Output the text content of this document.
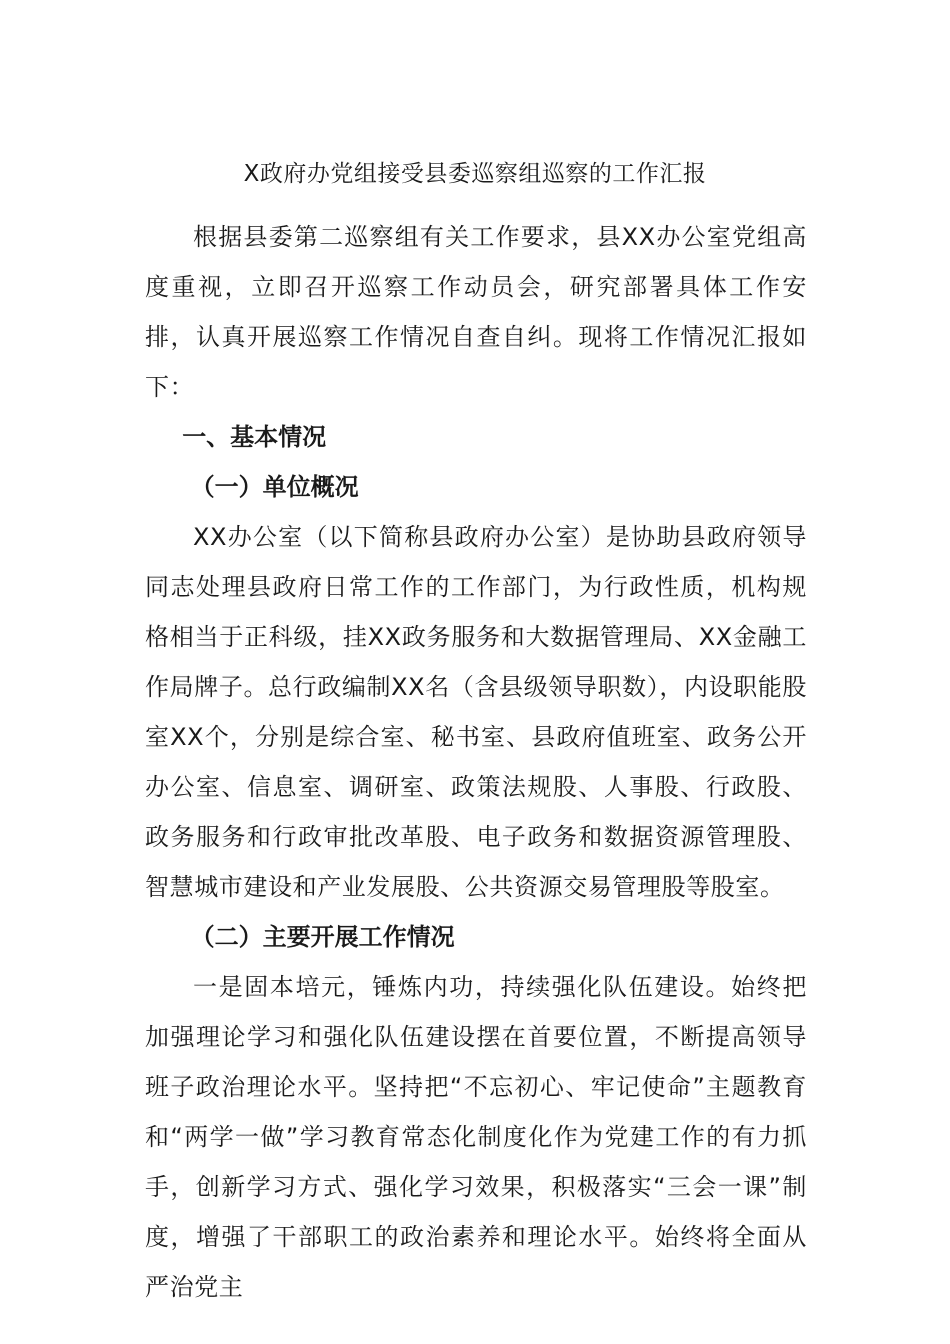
X政府办党组接受县委巡察组巡察的工作汇报

根据县委第二巡察组有关工作要求，县XX办公室党组高度重视，立即召开巡察工作动员会，研究部署具体工作安排，认真开展巡察工作情况自查自纠。现将工作情况汇报如下：

一、基本情况

（一）单位概况

XX办公室（以下简称县政府办公室）是协助县政府领导同志处理县政府日常工作的工作部门，为行政性质，机构规格相当于正科级，挂XX政务服务和大数据管理局、XX金融工作局牌子。总行政编制XX名（含县级领导职数），内设职能股室XX个，分别是综合室、秘书室、县政府值班室、政务公开办公室、信息室、调研室、政策法规股、人事股、行政股、政务服务和行政审批改革股、电子政务和数据资源管理股、智慧城市建设和产业发展股、公共资源交易管理股等股室。

（二）主要开展工作情况

一是固本培元，锤炼内功，持续强化队伍建设。始终把加强理论学习和强化队伍建设摆在首要位置，不断提高领导班子政治理论水平。坚持把“不忘初心、牢记使命”主题教育和“两学一做”学习教育常态化制度化作为党建工作的有力抓手，创新学习方式、强化学习效果，积极落实“三会一课”制度，增强了干部职工的政治素养和理论水平。始终将全面从严治党主
